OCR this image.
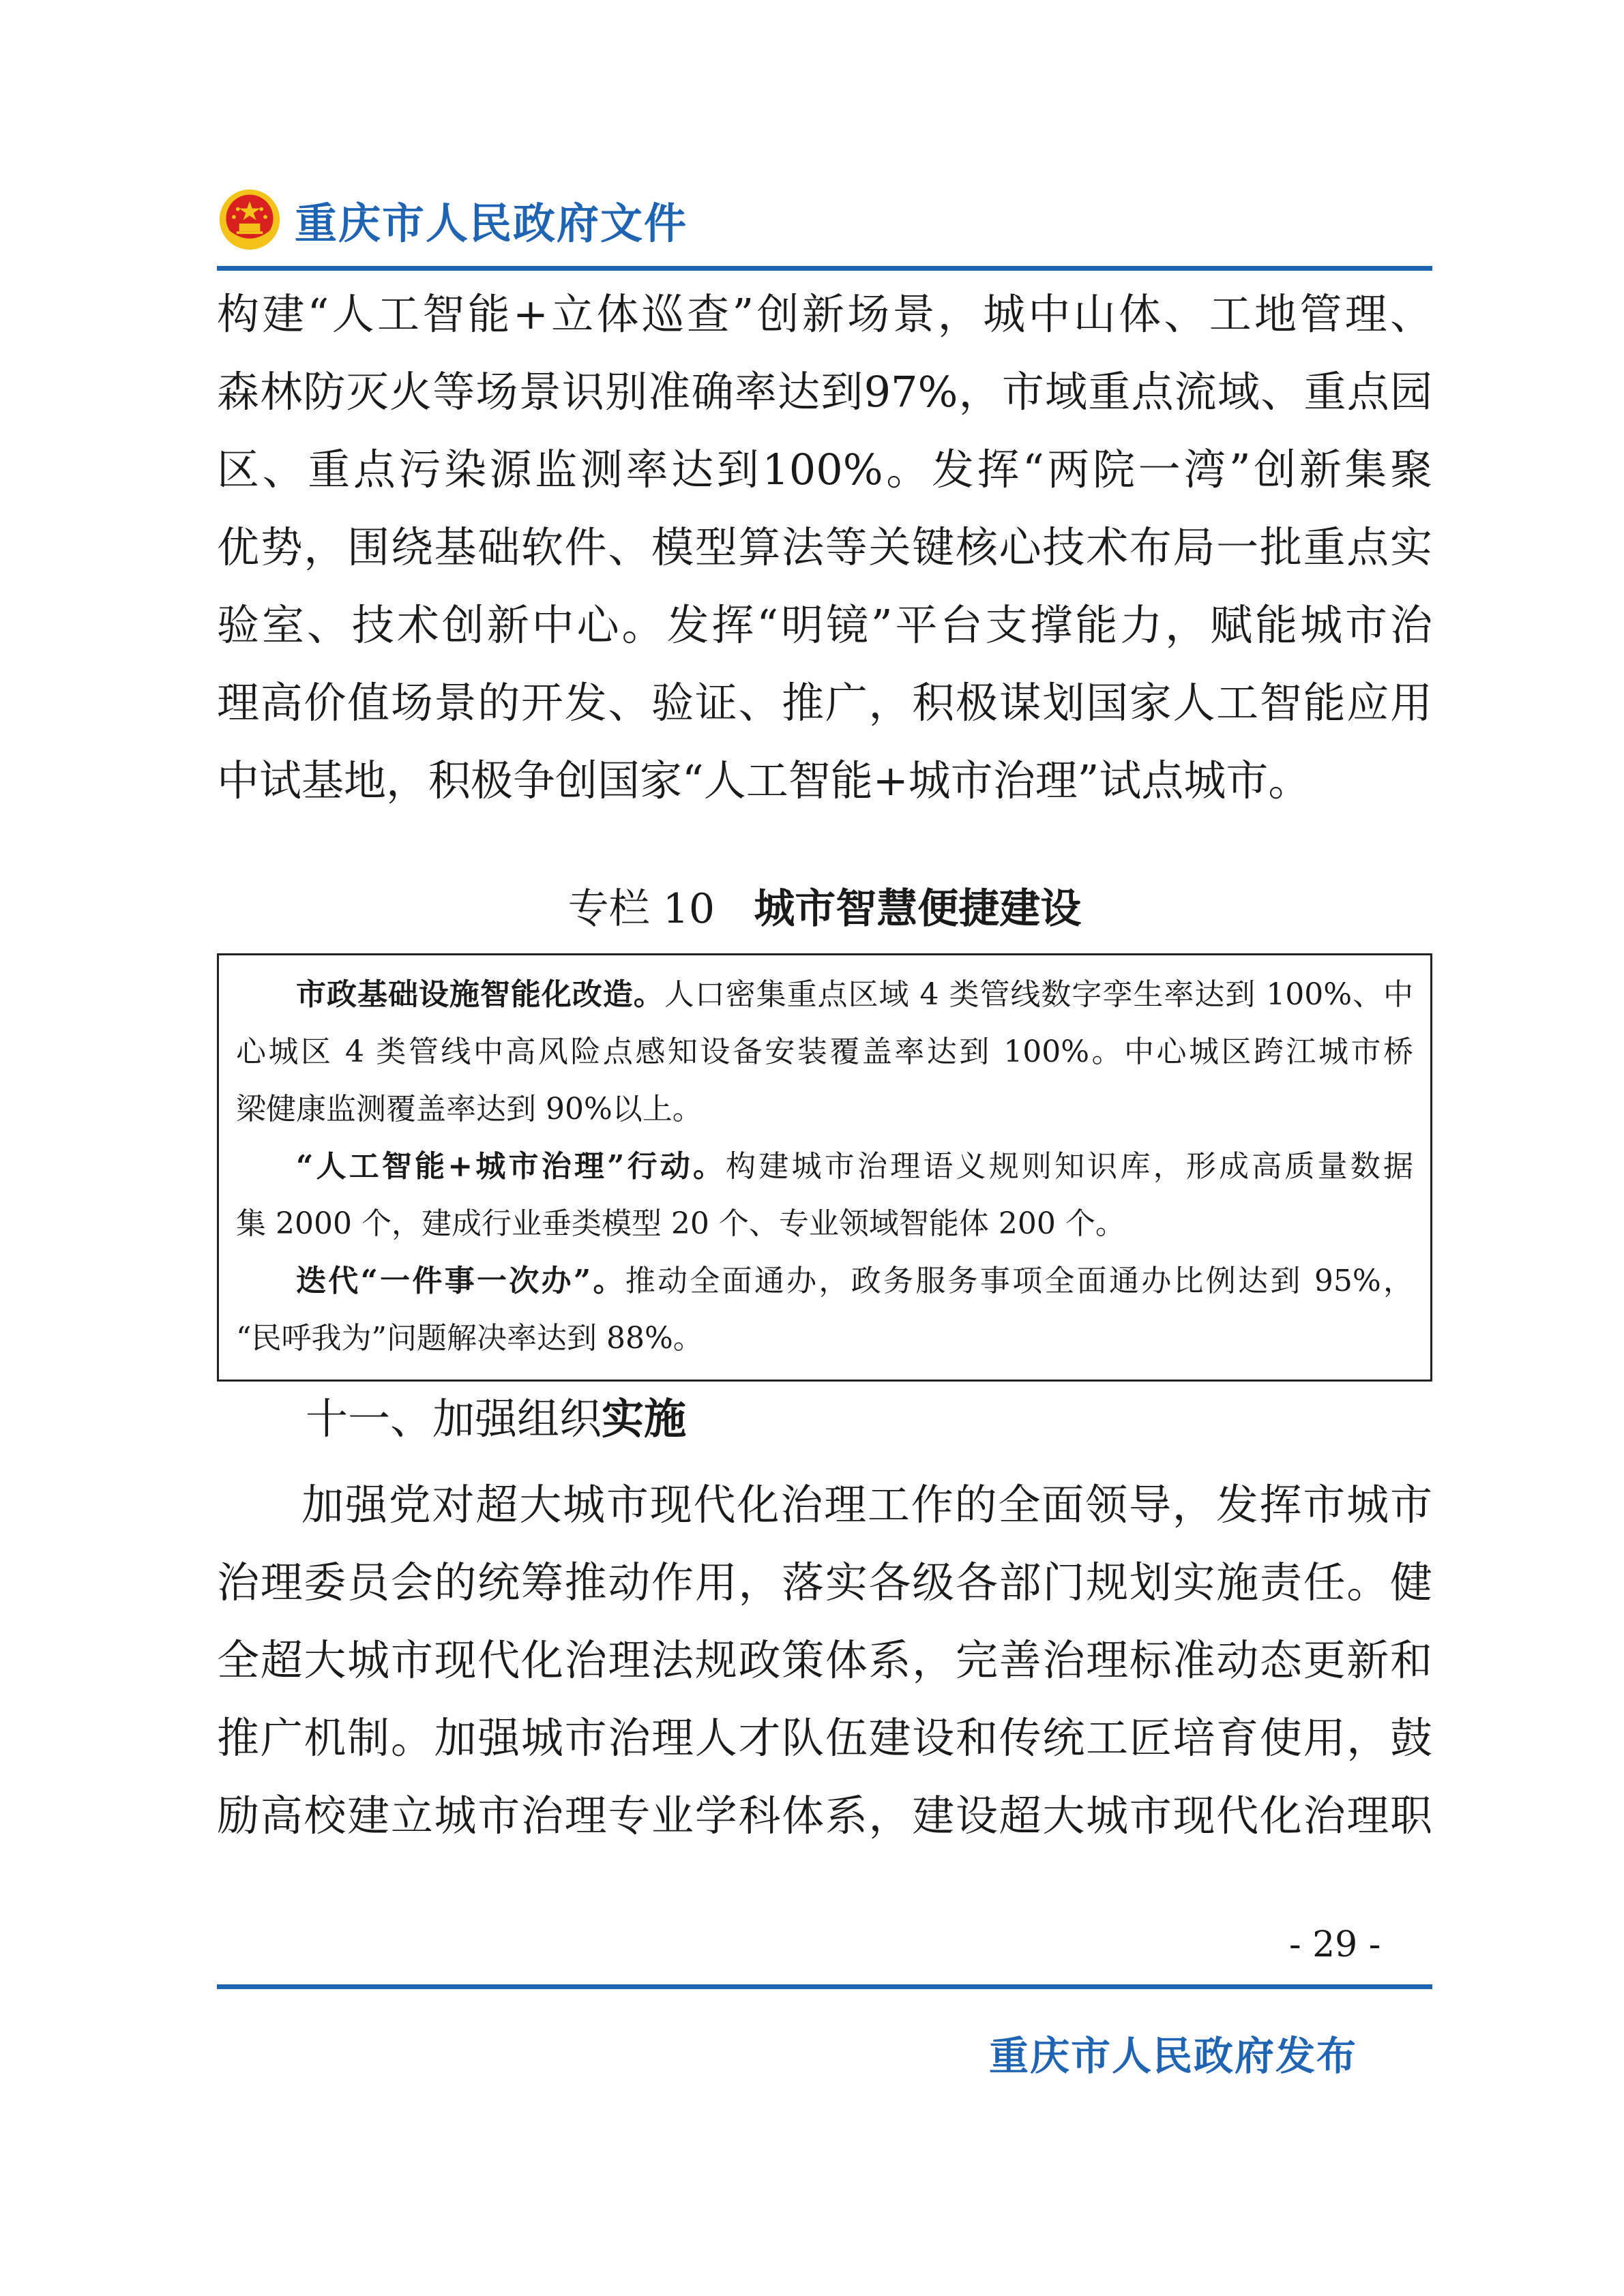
重庆市人民政府文件
构建“人工智能+立体巡查”创新场景，城中山体、工地管理、
森林防灭火等场景识别准确率达到97%，市域重点流域、重点园
区、重点污染源监测率达到100%。发挥“两院一湾”创新集聚
优势，围绕基础软件、模型算法等关键核心技术布局一批重点实
验室、技术创新中心。发挥“明镜”平台支撑能力，赋能城市治
理高价值场景的开发、验证、推广，积极谋划国家人工智能应用
中试基地，积极争创国家“人工智能+城市治理”试点城市。
专栏 10 城市智慧便捷建设
市政基础设施智能化改造。人口密集重点区域 4 类管线数字孪生率达到 100%、中
心城区 4 类管线中高风险点感知设备安装覆盖率达到 100%。中心城区跨江城市桥
梁健康监测覆盖率达到 90%以上。
“人工智能+城市治理”行动。构建城市治理语义规则知识库，形成高质量数据
集 2000 个，建成行业垂类模型 20 个、专业领域智能体 200 个。
迭代“一件事一次办”。推动全面通办，政务服务事项全面通办比例达到 95%，
“民呼我为”问题解决率达到 88%。
十一、加强组织实施
加强党对超大城市现代化治理工作的全面领导，发挥市城市
治理委员会的统筹推动作用，落实各级各部门规划实施责任。健
全超大城市现代化治理法规政策体系，完善治理标准动态更新和
推广机制。加强城市治理人才队伍建设和传统工匠培育使用，鼓
励高校建立城市治理专业学科体系，建设超大城市现代化治理职
- 29 -
重庆市人民政府发布
